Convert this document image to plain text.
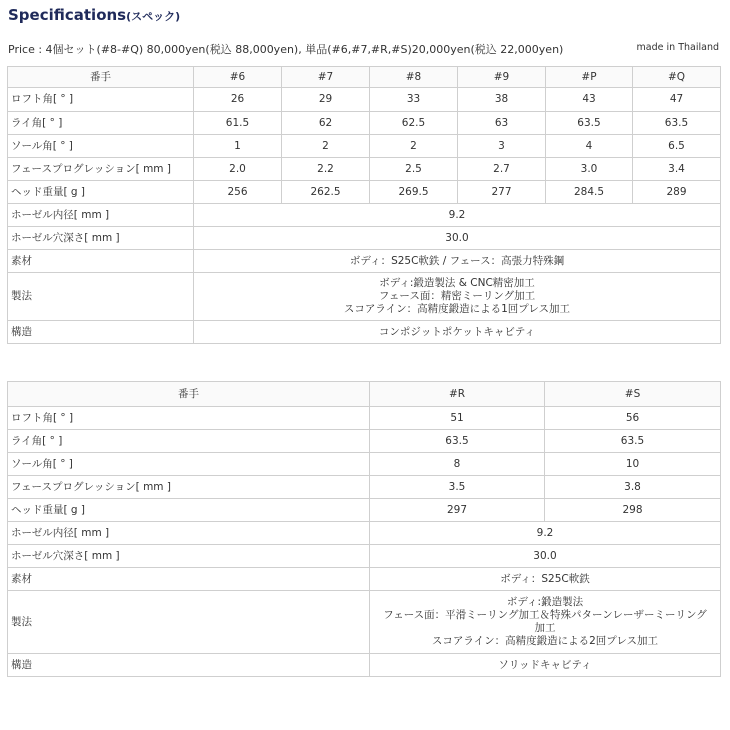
Specifications(スペック)
Price : 4個セット(#8-#Q) 80,000yen(税込 88,000yen), 単品(#6,#7,#R,#S)20,000yen(税込 22,000yen)	made in Thailand
番手	#6	#7	#8	#9	#P	#Q
ロフト角[ ° ]	26	29	33	38	43	47
ライ角[ ° ]	61.5	62	62.5	63	63.5	63.5
ソール角[ ° ]	1	2	2	3	4	6.5
フェースプログレッション[ mm ]	2.0	2.2	2.5	2.7	3.0	3.4
ヘッド重量[ g ]	256	262.5	269.5	277	284.5	289
ホーゼル内径[ mm ]	9.2					
ホーゼル穴深さ[ mm ]	30.0					
素材	ボディ：S25C軟鉄 / フェース：高張力特殊鋼					
製法	ボディ:鍛造製法 & CNC精密加工
フェース面：精密ミーリング加工
スコアライン：高精度鍛造による1回プレス加工					

構造	コンポジットポケットキャビティ					
番手	#R	#S
ロフト角[ ° ]	51	56
ライ角[ ° ]	63.5	63.5
ソール角[ ° ]	8	10
フェースプログレッション[ mm ]	3.5	3.8
ヘッド重量[ g ]	297	298
ホーゼル内径[ mm ]	9.2	
ホーゼル穴深さ[ mm ]	30.0	
素材	ボディ：S25C軟鉄	
製法	ボディ:鍛造製法
フェース面：平滑ミーリング加工＆特殊パターンレーザーミーリング
加工
スコアライン：高精度鍛造による2回プレス加工	

構造	ソリッドキャビティ	
